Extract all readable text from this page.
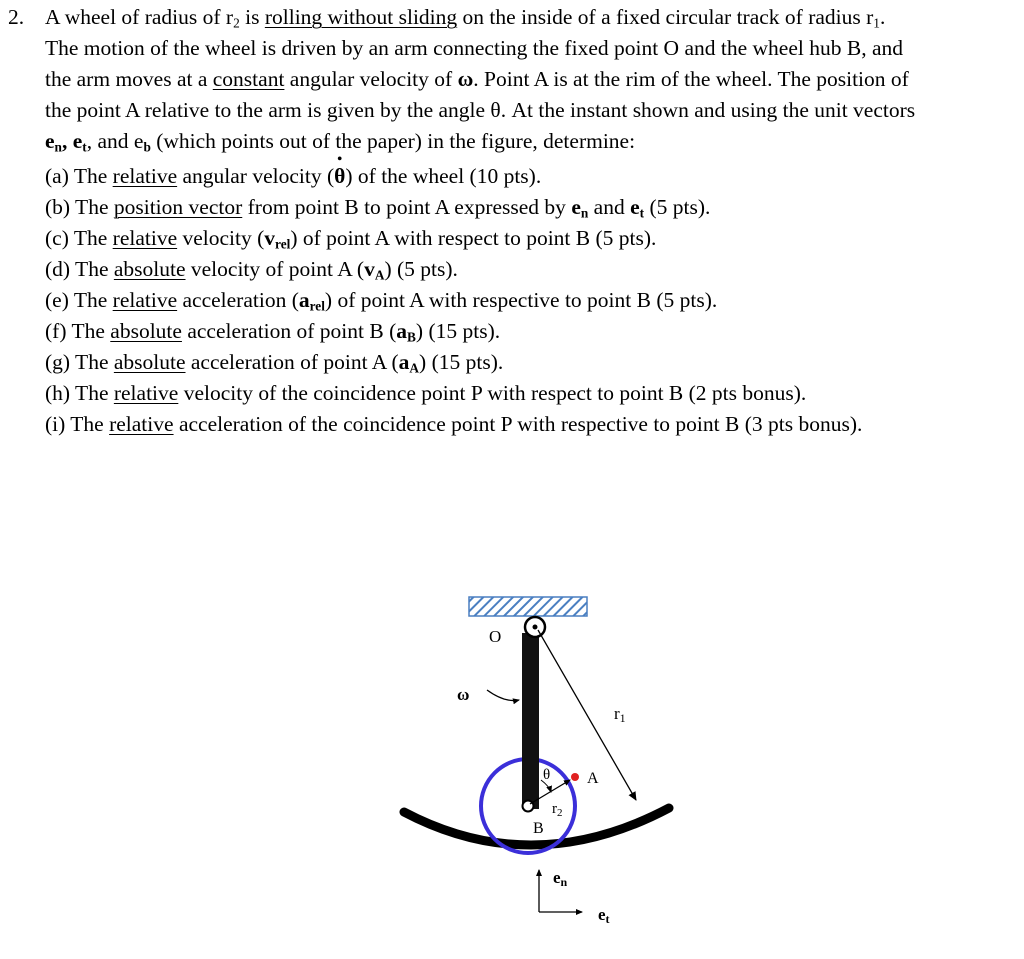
2. A wheel of radius of $r_2$ is rolling without sliding on the inside of a fixed circular track of radius $r_1$.
The motion of the wheel is driven by an arm connecting the fixed point O and the wheel hub B, and
the arm moves at a constant angular velocity of ω. Point A is at the rim of the wheel. The position of
the point A relative to the arm is given by the angle θ. At the instant shown and using the unit vectors
$e_n$, $e_t$, and $e_b$ (which points out of the paper) in the figure, determine:
(a) The relative angular velocity (
•
θ) of the wheel (10 pts).
(b) The position vector from point B to point A expressed by $e_n$ and $e_t$ (5 pts).
(c) The relative velocity $(v_{rel})$ of point A with respect to point B (5 pts).
(d) The absolute velocity of point A $(v_A)$ (5 pts).
(e) The relative acceleration $(a_{rel})$ of point A with respective to point B (5 pts).
(f) The absolute acceleration of point B $(a_B)$ (15 pts).
(g) The absolute acceleration of point A $(a_A)$ (15 pts).
(h) The relative velocity of the coincidence point P with respect to point B (2 pts bonus).
(i) The relative acceleration of the coincidence point P with respective to point B (3 pts bonus).
O
ω
r1
θ A
$r_2$
B
en
et
